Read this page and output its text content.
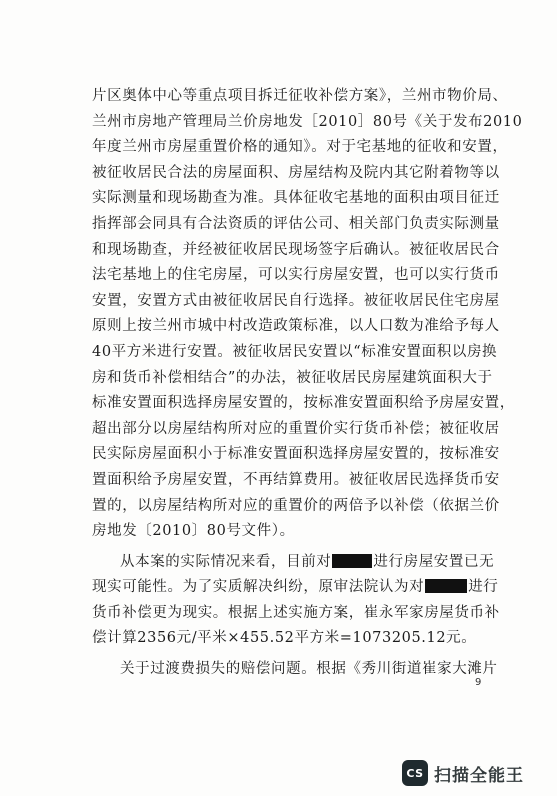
片区奥体中心等重点项目拆迁征收补偿方案》，兰州市物价局、
兰州市房地产管理局兰价房地发［2010］80号《关于发布2010
年度兰州市房屋重置价格的通知》。对于宅基地的征收和安置，
被征收居民合法的房屋面积、房屋结构及院内其它附着物等以
实际测量和现场勘查为准。具体征收宅基地的面积由项目征迁
指挥部会同具有合法资质的评估公司、相关部门负责实际测量
和现场勘查，并经被征收居民现场签字后确认。被征收居民合
法宅基地上的住宅房屋，可以实行房屋安置，也可以实行货币
安置，安置方式由被征收居民自行选择。被征收居民住宅房屋
原则上按兰州市城中村改造政策标准，以人口数为准给予每人
40平方米进行安置。被征收居民安置以“标准安置面积以房换
房和货币补偿相结合”的办法，被征收居民房屋建筑面积大于
标准安置面积选择房屋安置的，按标准安置面积给予房屋安置，
超出部分以房屋结构所对应的重置价实行货币补偿；被征收居
民实际房屋面积小于标准安置面积选择房屋安置的，按标准安
置面积给予房屋安置，不再结算费用。被征收居民选择货币安
置的，以房屋结构所对应的重置价的两倍予以补偿（依据兰价
房地发〔2010〕80号文件）。
从本案的实际情况来看，目前对	进行房屋安置已无
现实可能性。为了实质解决纠纷，原审法院认为对	进行
货币补偿更为现实。根据上述实施方案，崔永军家房屋货币补
偿计算2356元/平米×455.52平方米=1073205.12元。
关于过渡费损失的赔偿问题。根据《秀川街道崔家大滩片
9
CS 扫描全能王
